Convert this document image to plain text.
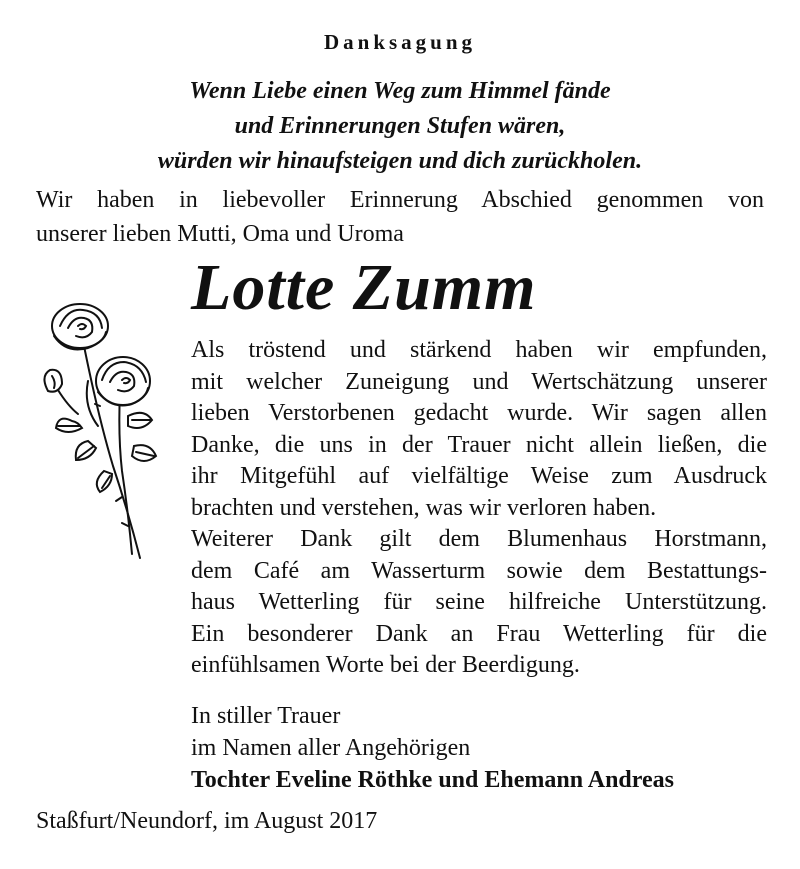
Danksagung
Wenn Liebe einen Weg zum Himmel fände
und Erinnerungen Stufen wären,
würden wir hinaufsteigen und dich zurückholen.
Wir haben in liebevoller Erinnerung Abschied genommen von
unserer lieben Mutti, Oma und Uroma
Lotte Zumm
Als tröstend und stärkend haben wir empfunden,
mit welcher Zuneigung und Wertschätzung unserer
lieben Verstorbenen gedacht wurde. Wir sagen allen
Danke, die uns in der Trauer nicht allein ließen, die
ihr Mitgefühl auf vielfältige Weise zum Ausdruck
brachten und verstehen, was wir verloren haben.
Weiterer Dank gilt dem Blumenhaus Horstmann,
dem Café am Wasserturm sowie dem Bestattungs-
haus Wetterling für seine hilfreiche Unterstützung.
Ein besonderer Dank an Frau Wetterling für die
einfühlsamen Worte bei der Beerdigung.
In stiller Trauer
im Namen aller Angehörigen
Tochter Eveline Röthke und Ehemann Andreas
Staßfurt/Neundorf, im August 2017
